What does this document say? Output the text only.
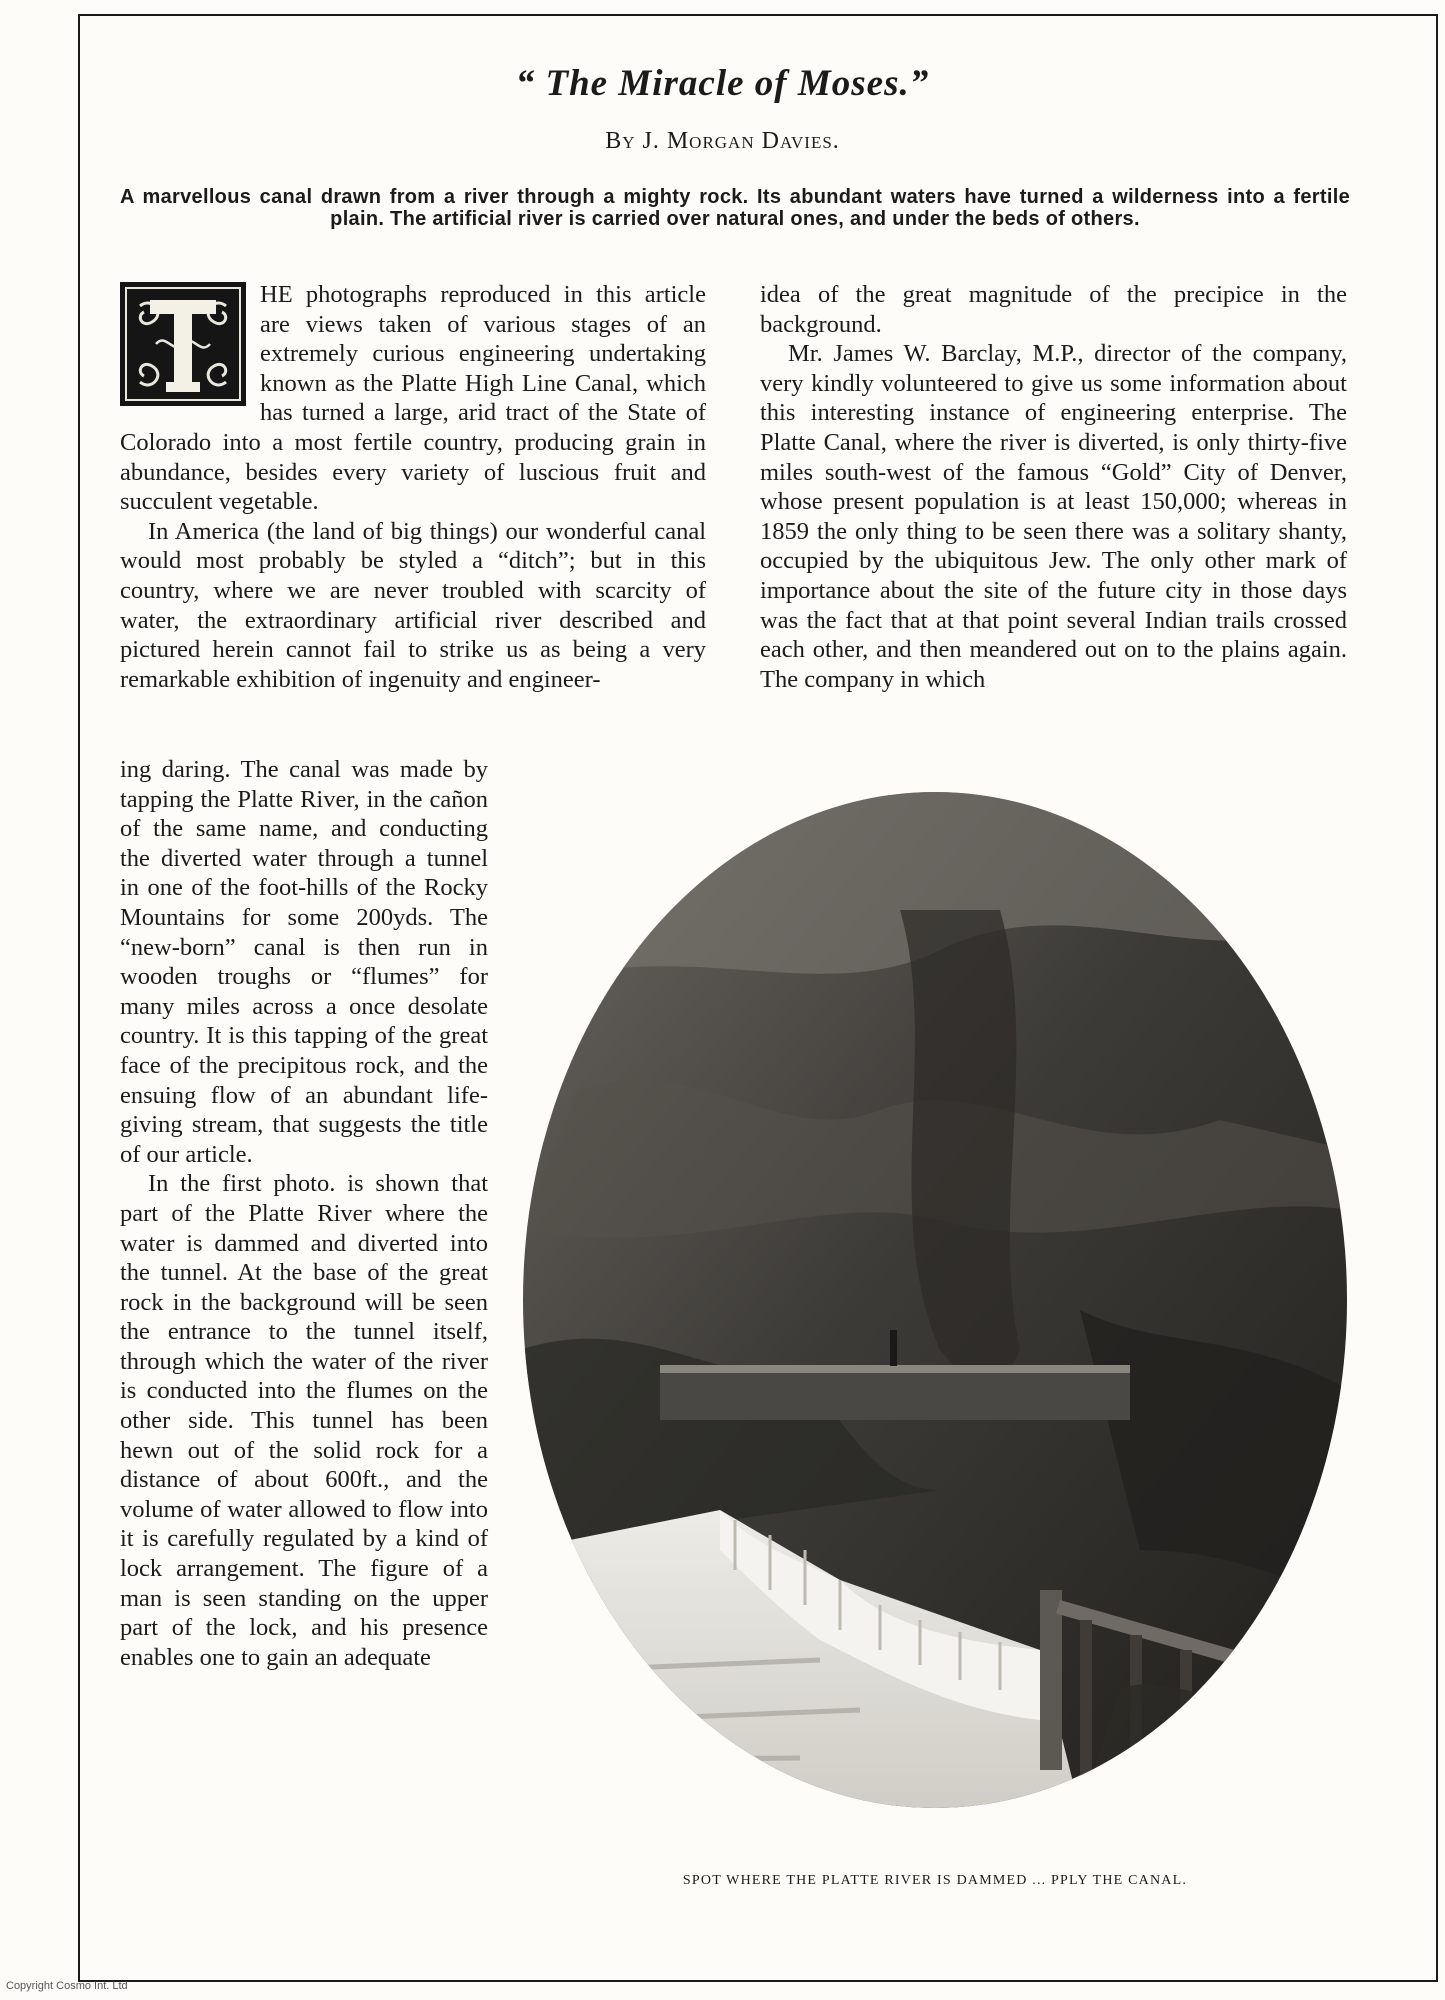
“ The Miracle of Moses.”
By J. Morgan Davies.
A marvellous canal drawn from a river through a mighty rock. Its abundant waters have turned a wilderness into a fertile plain. The artificial river is carried over natural ones, and under the beds of others.

HE photographs reproduced in this article are views taken of various stages of an extremely curious engineering undertaking known as the Platte High Line Canal, which has turned a large, arid tract of the State of Colorado into a most fertile country, producing grain in abundance, besides every variety of luscious fruit and succulent vegetable.

In America (the land of big things) our wonderful canal would most probably be styled a “ditch”; but in this country, where we are never troubled with scarcity of water, the extraordinary artificial river described and pictured herein cannot fail to strike us as being a very remarkable exhibition of ingenuity and engineer-

ing daring. The canal was made by tapping the Platte River, in the cañon of the same name, and conducting the diverted water through a tunnel in one of the foot-hills of the Rocky Mountains for some 200yds. The “new-born” canal is then run in wooden troughs or “flumes” for many miles across a once desolate country. It is this tapping of the great face of the precipitous rock, and the ensuing flow of an abundant life-giving stream, that suggests the title of our article.

In the first photo. is shown that part of the Platte River where the water is dammed and diverted into the tunnel. At the base of the great rock in the background will be seen the entrance to the tunnel itself, through which the water of the river is conducted into the flumes on the other side. This tunnel has been hewn out of the solid rock for a distance of about 600ft., and the volume of water allowed to flow into it is carefully regulated by a kind of lock arrangement. The figure of a man is seen standing on the upper part of the lock, and his presence enables one to gain an adequate

idea of the great magnitude of the precipice in the background.

Mr. James W. Barclay, M.P., director of the company, very kindly volunteered to give us some information about this interesting instance of engineering enterprise. The Platte Canal, where the river is diverted, is only thirty-five miles south-west of the famous “Gold” City of Denver, whose present population is at least 150,000; whereas in 1859 the only thing to be seen there was a solitary shanty, occupied by the ubiquitous Jew. The only other mark of importance about the site of the future city in those days was the fact that at that point several Indian trails crossed each other, and then meandered out on to the plains again. The company in which

SPOT WHERE THE PLATTE RIVER IS DAMMED ... PPLY THE CANAL.
Copyright Cosmo Int. Ltd
